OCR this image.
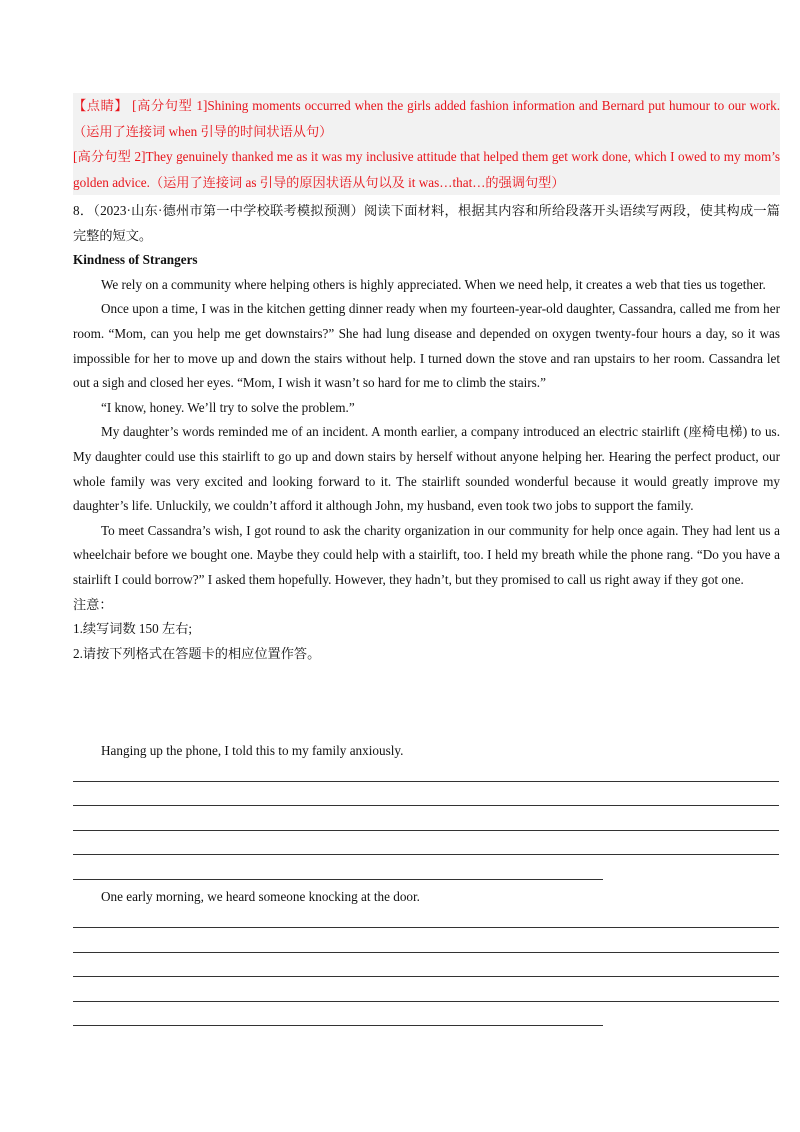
【点睛】 [高分句型 1]Shining moments occurred when the girls added fashion information and Bernard put humour to our work.（运用了连接词 when 引导的时间状语从句）

[高分句型 2]They genuinely thanked me as it was my inclusive attitude that helped them get work done, which I owed to my mom’s golden advice.（运用了连接词 as 引导的原因状语从句以及 it was…that…的强调句型）

8．（2023·山东·德州市第一中学校联考模拟预测）阅读下面材料，根据其内容和所给段落开头语续写两段，使其构成一篇完整的短文。

Kindness of Strangers

We rely on a community where helping others is highly appreciated. When we need help, it creates a web that ties us together.

Once upon a time, I was in the kitchen getting dinner ready when my fourteen-year-old daughter, Cassandra, called me from her room. “Mom, can you help me get downstairs?” She had lung disease and depended on oxygen twenty-four hours a day, so it was impossible for her to move up and down the stairs without help. I turned down the stove and ran upstairs to her room. Cassandra let out a sigh and closed her eyes. “Mom, I wish it wasn’t so hard for me to climb the stairs.”

“I know, honey. We’ll try to solve the problem.”

My daughter’s words reminded me of an incident. A month earlier, a company introduced an electric stairlift (座椅电梯) to us. My daughter could use this stairlift to go up and down stairs by herself without anyone helping her. Hearing the perfect product, our whole family was very excited and looking forward to it. The stairlift sounded wonderful because it would greatly improve my daughter’s life. Unluckily, we couldn’t afford it although John, my husband, even took two jobs to support the family.

To meet Cassandra’s wish, I got round to ask the charity organization in our community for help once again. They had lent us a wheelchair before we bought one. Maybe they could help with a stairlift, too. I held my breath while the phone rang. “Do you have a stairlift I could borrow?” I asked them hopefully. However, they hadn’t, but they promised to call us right away if they got one.

注意：

1.续写词数 150 左右;

2.请按下列格式在答题卡的相应位置作答。

Hanging up the phone, I told this to my family anxiously.
One early morning, we heard someone knocking at the door.
